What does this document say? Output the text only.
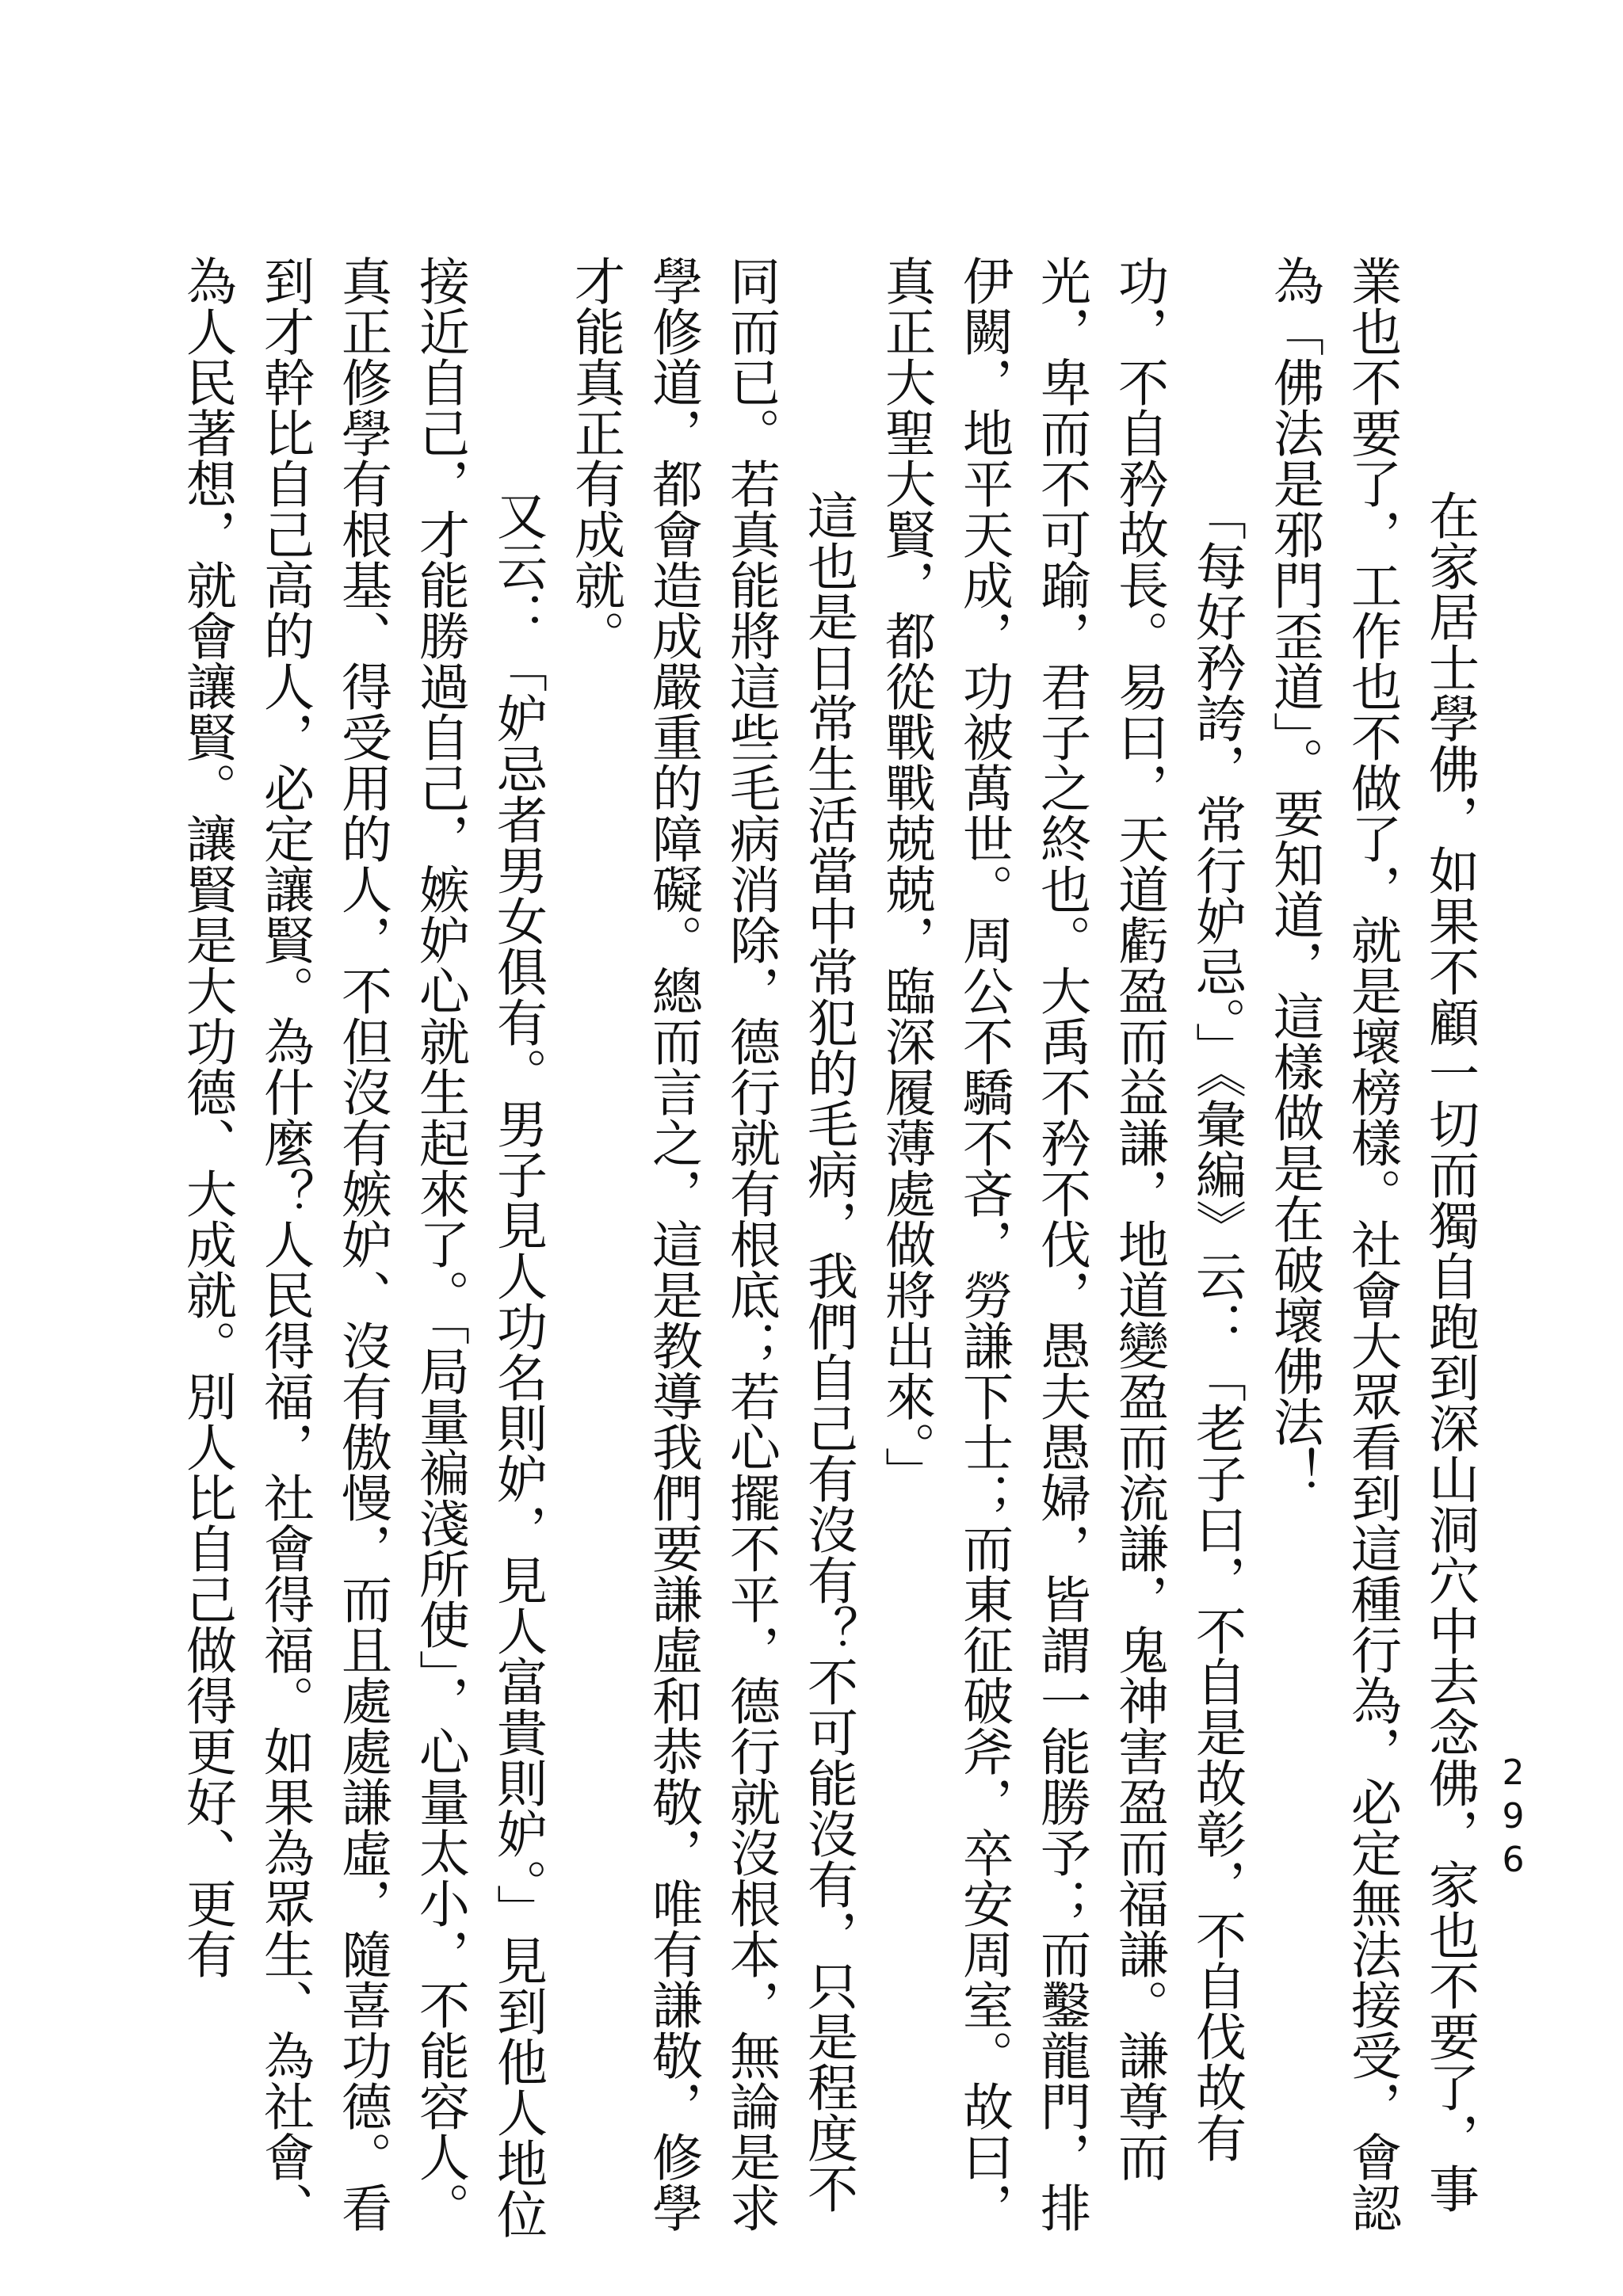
296

在家居士學佛，如果不顧一切而獨自跑到深山洞穴中去念佛，家也不要了，事業也不要了，工作也不做了，就是壞榜樣。社會大眾看到這種行為，必定無法接受，會認為「佛法是邪門歪道」。要知道，這樣做是在破壞佛法！

「每好矜誇，常行妒忌。」《彙編》云：「老子曰，不自是故彰，不自伐故有功，不自矜故長。易曰，天道虧盈而益謙，地道變盈而流謙，鬼神害盈而福謙。謙尊而光，卑而不可踰，君子之終也。大禹不矜不伐，愚夫愚婦，皆謂一能勝予；而鑿龍門，排伊闕，地平天成，功被萬世。周公不驕不吝，勞謙下士；而東征破斧，卒安周室。故曰，真正大聖大賢，都從戰戰兢兢，臨深履薄處做將出來。」

這也是日常生活當中常犯的毛病，我們自己有沒有？不可能沒有，只是程度不同而已。若真能將這些毛病消除，德行就有根底；若心擺不平，德行就沒根本，無論是求學修道，都會造成嚴重的障礙。總而言之，這是教導我們要謙虛和恭敬，唯有謙敬，修學才能真正有成就。

又云：「妒忌者男女俱有。男子見人功名則妒，見人富貴則妒。」見到他人地位接近自己，才能勝過自己，嫉妒心就生起來了。「局量褊淺所使」，心量太小，不能容人。真正修學有根基、得受用的人，不但沒有嫉妒、沒有傲慢，而且處處謙虛，隨喜功德。看到才幹比自己高的人，必定讓賢。為什麼？人民得福，社會得福。如果為眾生、為社會、為人民著想，就會讓賢。讓賢是大功德、大成就。別人比自己做得更好、更有
